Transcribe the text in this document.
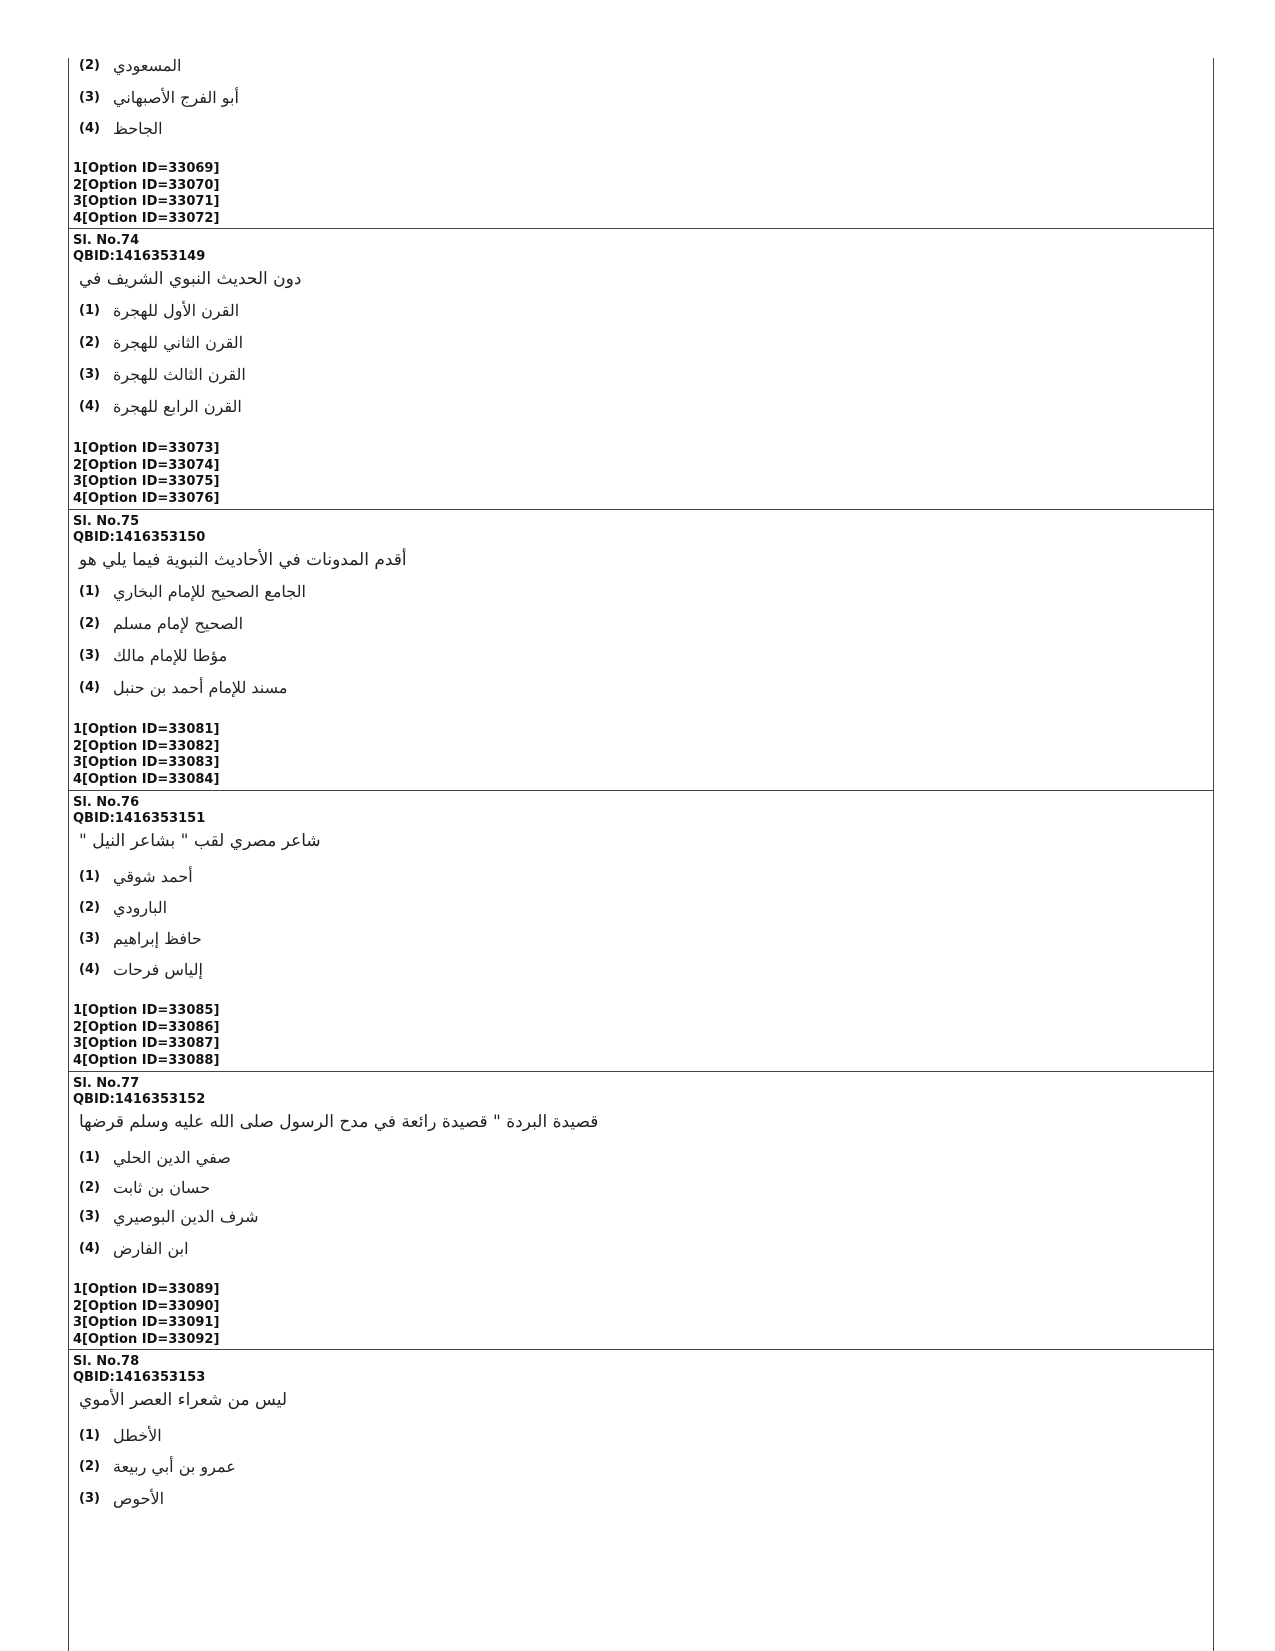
(2) المسعودي
(3) أبو الفرج الأصبهاني
(4) الجاحظ
1[Option ID=33069]
2[Option ID=33070]
3[Option ID=33071]
4[Option ID=33072]
Sl. No.74
QBID:1416353149
دون الحديث النبوي الشريف في
(1) القرن الأول للهجرة
(2) القرن الثاني للهجرة
(3) القرن الثالث للهجرة
(4) القرن الرابع للهجرة
1[Option ID=33073]
2[Option ID=33074]
3[Option ID=33075]
4[Option ID=33076]
Sl. No.75
QBID:1416353150
أقدم المدونات في الأحاديث النبوية فيما يلي هو
(1) الجامع الصحيح للإمام البخاري
(2) الصحيح لإمام مسلم
(3) مؤطا للإمام مالك
(4) مسند للإمام أحمد بن حنبل
1[Option ID=33081]
2[Option ID=33082]
3[Option ID=33083]
4[Option ID=33084]
Sl. No.76
QBID:1416353151
شاعر مصري لقب " بشاعر النيل "
(1) أحمد شوقي
(2) البارودي
(3) حافظ إبراهيم
(4) إلياس فرحات
1[Option ID=33085]
2[Option ID=33086]
3[Option ID=33087]
4[Option ID=33088]
Sl. No.77
QBID:1416353152
قصيدة البردة " قصيدة رائعة في مدح الرسول صلى الله عليه وسلم قرضها
(1) صفي الدين الحلي
(2) حسان بن ثابت
(3) شرف الدين البوصيري
(4) ابن الفارض
1[Option ID=33089]
2[Option ID=33090]
3[Option ID=33091]
4[Option ID=33092]
Sl. No.78
QBID:1416353153
ليس من شعراء العصر الأموي
(1) الأخطل
(2) عمرو بن أبي ربيعة
(3) الأحوص
